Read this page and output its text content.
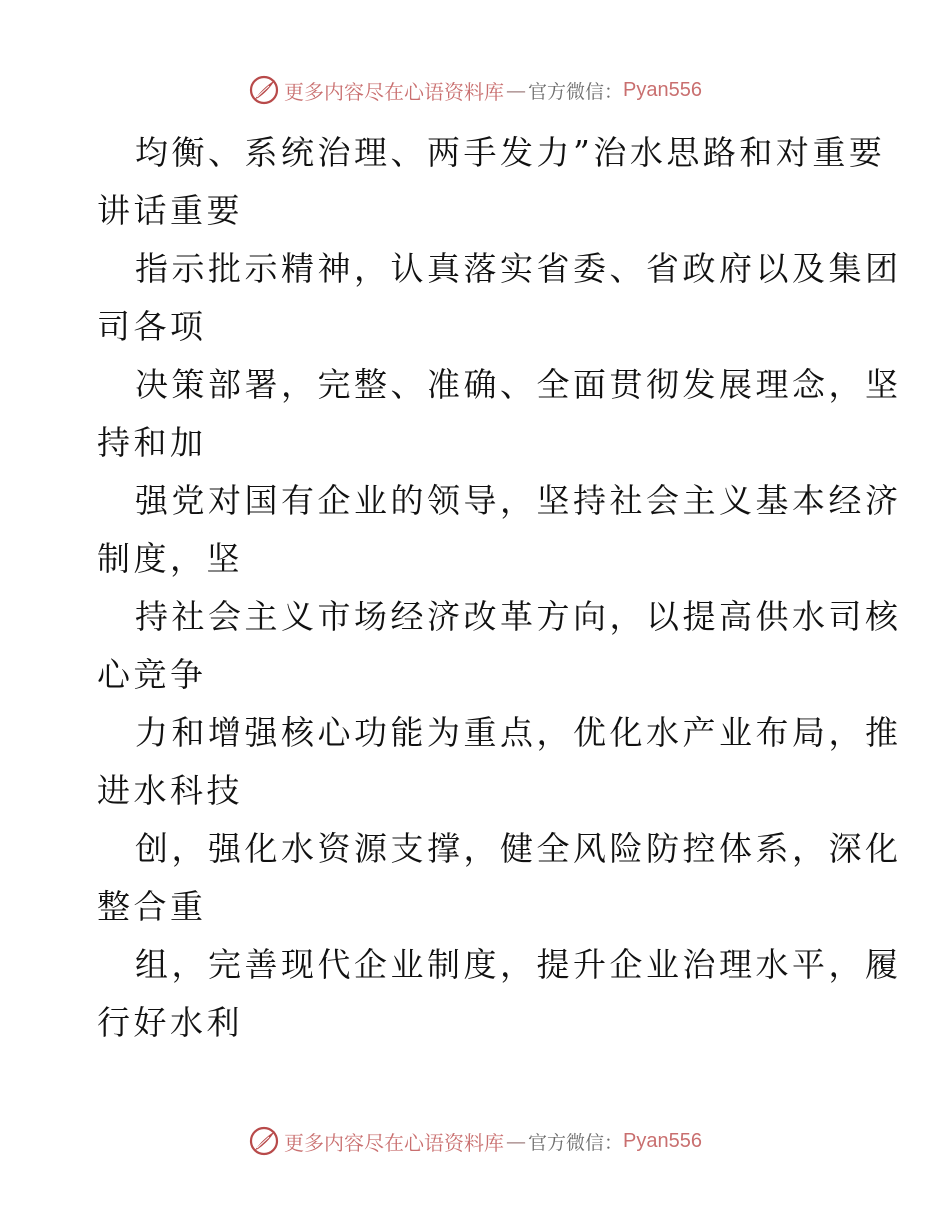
更多内容尽在心语资料库 — 官方微信： Pyan556
均衡、系统治理、两手发力”治水思路和对重要
讲话重要
指示批示精神，认真落实省委、省政府以及集团
司各项
决策部署，完整、准确、全面贯彻发展理念，坚
持和加
强党对国有企业的领导，坚持社会主义基本经济
制度，坚
持社会主义市场经济改革方向，以提高供水司核
心竞争
力和增强核心功能为重点，优化水产业布局，推
进水科技
创，强化水资源支撑，健全风险防控体系，深化
整合重
组，完善现代企业制度，提升企业治理水平，履
行好水利
更多内容尽在心语资料库 — 官方微信： Pyan556
